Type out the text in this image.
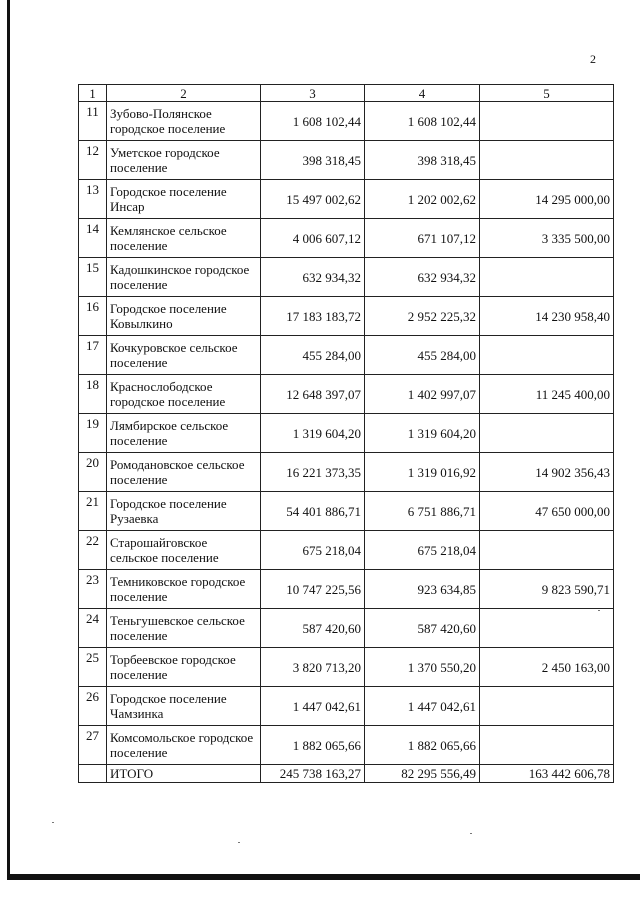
2
1	2	3	4	5
11	Зубово-Полянское городское поселение	1 608 102,44	1 608 102,44	
12	Уметское городское поселение	398 318,45	398 318,45	
13	Городское поселение Инсар	15 497 002,62	1 202 002,62	14 295 000,00
14	Кемлянское сельское поселение	4 006 607,12	671 107,12	3 335 500,00
15	Кадошкинское городское поселение	632 934,32	632 934,32	
16	Городское поселение Ковылкино	17 183 183,72	2 952 225,32	14 230 958,40
17	Кочкуровское сельское поселение	455 284,00	455 284,00	
18	Краснослободское городское поселение	12 648 397,07	1 402 997,07	11 245 400,00
19	Лямбирское сельское поселение	1 319 604,20	1 319 604,20	
20	Ромодановское сельское поселение	16 221 373,35	1 319 016,92	14 902 356,43
21	Городское поселение Рузаевка	54 401 886,71	6 751 886,71	47 650 000,00
22	Старошайговское сельское поселение	675 218,04	675 218,04	
23	Темниковское городское поселение	10 747 225,56	923 634,85	9 823 590,71
24	Теньгушевское сельское поселение	587 420,60	587 420,60	
25	Торбеевское городское поселение	3 820 713,20	1 370 550,20	2 450 163,00
26	Городское поселение Чамзинка	1 447 042,61	1 447 042,61	
27	Комсомольское городское поселение	1 882 065,66	1 882 065,66	
	ИТОГО	245 738 163,27	82 295 556,49	163 442 606,78
